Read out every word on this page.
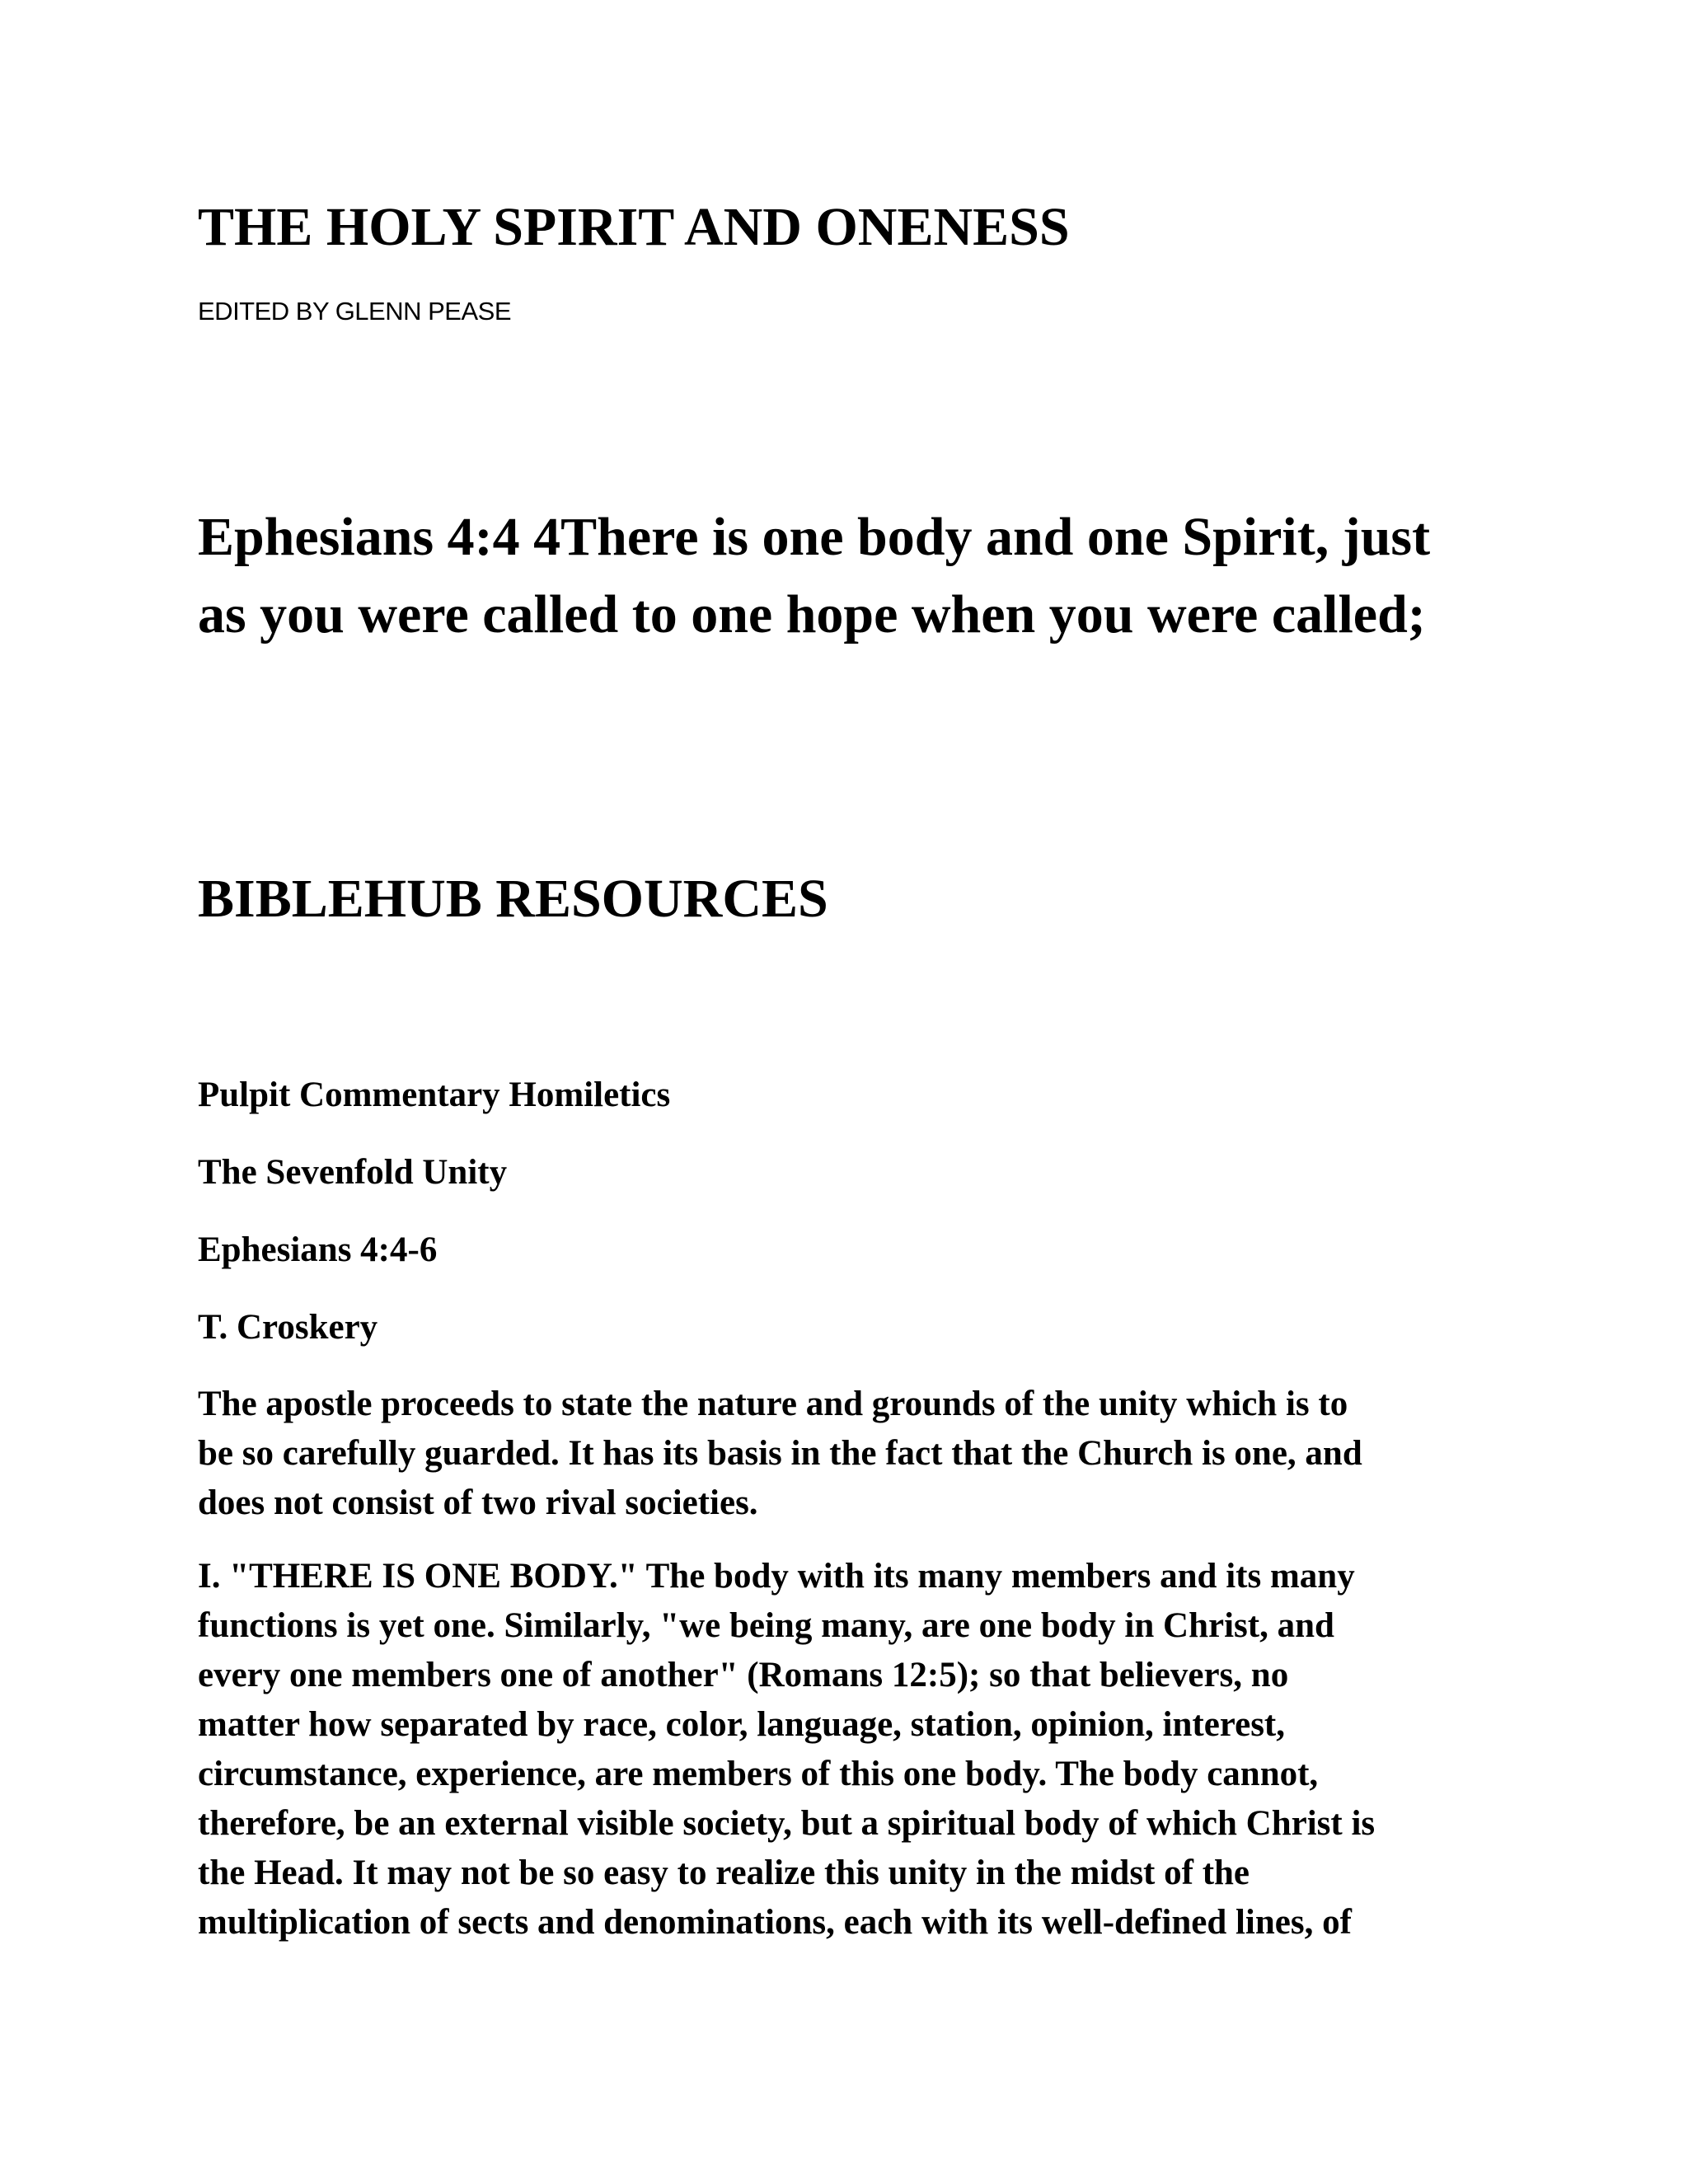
THE HOLY SPIRIT AND ONENESS
EDITED BY GLENN PEASE
Ephesians 4:4 4There is one body and one Spirit, just
as you were called to one hope when you were called;
BIBLEHUB RESOURCES
Pulpit Commentary Homiletics
The Sevenfold Unity
Ephesians 4:4-6
T. Croskery
The apostle proceeds to state the nature and grounds of the unity which is to
be so carefully guarded. It has its basis in the fact that the Church is one, and
does not consist of two rival societies.
I. "THERE IS ONE BODY." The body with its many members and its many
functions is yet one. Similarly, "we being many, are one body in Christ, and
every one members one of another" (Romans 12:5); so that believers, no
matter how separated by race, color, language, station, opinion, interest,
circumstance, experience, are members of this one body. The body cannot,
therefore, be an external visible society, but a spiritual body of which Christ is
the Head. It may not be so easy to realize this unity in the midst of the
multiplication of sects and denominations, each with its well-defined lines, of
